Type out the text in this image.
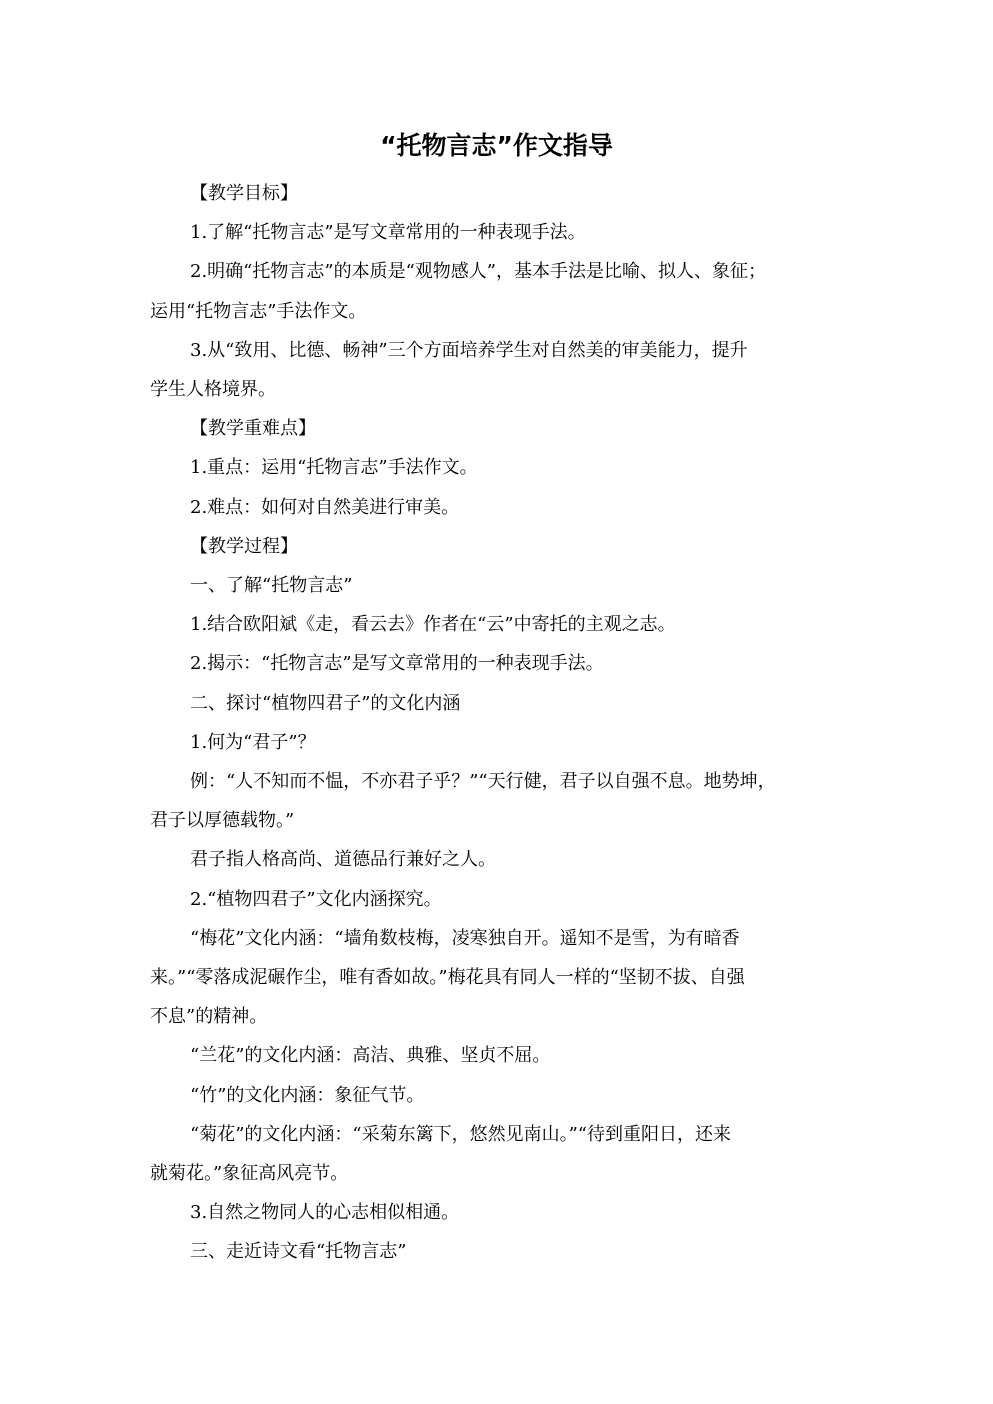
“托物言志”作文指导
【教学目标】
1.了解“托物言志”是写文章常用的一种表现手法。
2.明确“托物言志”的本质是“观物感人”，基本手法是比喻、拟人、象征；
运用“托物言志”手法作文。
3.从“致用、比德、畅神”三个方面培养学生对自然美的审美能力，提升
学生人格境界。
【教学重难点】
1.重点：运用“托物言志”手法作文。
2.难点：如何对自然美进行审美。
【教学过程】
一、了解“托物言志”
1.结合欧阳斌《走，看云去》作者在“云”中寄托的主观之志。
2.揭示：“托物言志”是写文章常用的一种表现手法。
二、探讨“植物四君子”的文化内涵
1.何为“君子”？
例：“人不知而不愠，不亦君子乎？”“天行健，君子以自强不息。地势坤，
君子以厚德载物。”
君子指人格高尚、道德品行兼好之人。
2.“植物四君子”文化内涵探究。
“梅花”文化内涵：“墙角数枝梅，凌寒独自开。遥知不是雪，为有暗香
来。”“零落成泥碾作尘，唯有香如故。”梅花具有同人一样的“坚韧不拔、自强
不息”的精神。
“兰花”的文化内涵：高洁、典雅、坚贞不屈。
“竹”的文化内涵：象征气节。
“菊花”的文化内涵：“采菊东篱下，悠然见南山。”“待到重阳日，还来
就菊花。”象征高风亮节。
3.自然之物同人的心志相似相通。
三、走近诗文看“托物言志”
